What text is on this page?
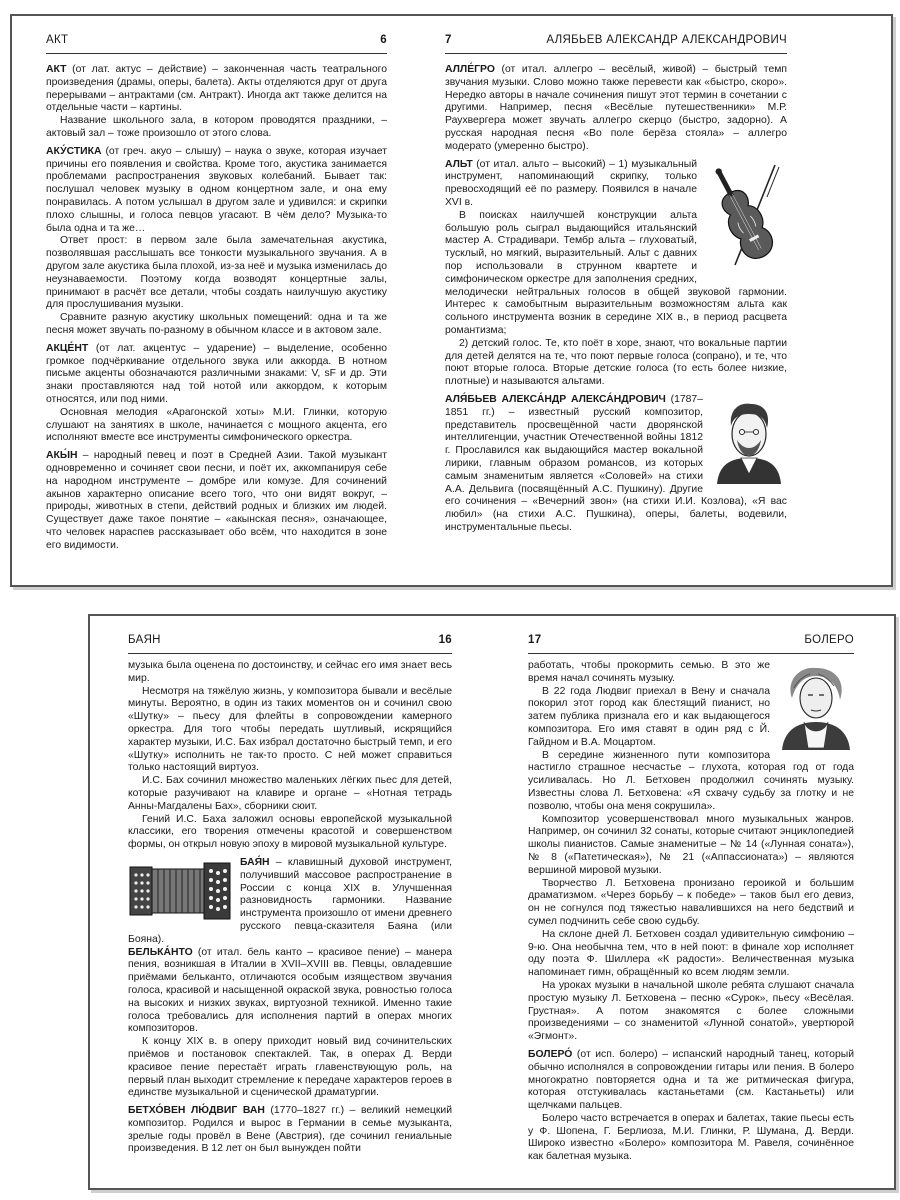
АКТ	6

АКТ (от лат. актус – действие) – законченная часть театрального произведения (драмы, оперы, балета). Акты отделяются друг от друга перерывами – антрактами (см. Антракт). Иногда акт также делится на отдельные части – картины.

Название школьного зала, в котором проводятся праздники, – актовый зал – тоже произошло от этого слова.

АКУ́СТИКА (от греч. акуо – слышу) – наука о звуке, которая изучает причины его появления и свойства. Кроме того, акустика занимается проблемами распространения звуковых колебаний. Бывает так: послушал человек музыку в одном концертном зале, и она ему понравилась. А потом услышал в другом зале и удивился: и скрипки плохо слышны, и голоса певцов угасают. В чём дело? Музыка-то была одна и та же…

Ответ прост: в первом зале была замечательная акустика, позволявшая расслышать все тонкости музыкального звучания. А в другом зале акустика была плохой, из-за неё и музыка изменилась до неузнаваемости. Поэтому когда возводят концертные залы, принимают в расчёт все детали, чтобы создать наилучшую акустику для прослушивания музыки.

Сравните разную акустику школьных помещений: одна и та же песня может звучать по-разному в обычном классе и в актовом зале.

АКЦЕ́НТ (от лат. акцентус – ударение) – выделение, особенно громкое подчёркивание отдельного звука или аккорда. В нотном письме акценты обозначаются различными знаками: V, sF и др. Эти знаки проставляются над той нотой или аккордом, к которым относятся, или под ними.

Основная мелодия «Арагонской хоты» М.И. Глинки, которую слушают на занятиях в школе, начинается с мощного акцента, его исполняют вместе все инструменты симфонического оркестра.

АКЫ́Н – народный певец и поэт в Средней Азии. Такой музыкант одновременно и сочиняет свои песни, и поёт их, аккомпанируя себе на народном инструменте – домбре или комузе. Для сочинений акынов характерно описание всего того, что они видят вокруг, – природы, животных в степи, действий родных и близких им людей. Существует даже такое понятие – «акынская песня», означающее, что человек нараспев рассказывает обо всём, что находится в зоне его видимости.

7	АЛЯБЬЕВ АЛЕКСАНДР АЛЕКСАНДРОВИЧ

АЛЛЕ́ГРО (от итал. аллегро – весёлый, живой) – быстрый темп звучания музыки. Слово можно также перевести как «быстро, скоро». Нередко авторы в начале сочинения пишут этот термин в сочетании с другими. Например, песня «Весёлые путешественники» М.Р. Раухвергера может звучать аллегро скерцо (быстро, задорно). А русская народная песня «Во поле берёза стояла» – аллегро модерато (умеренно быстро).

АЛЬТ (от итал. альто – высокий) – 1) музыкальный инструмент, напоминающий скрипку, только превосходящий её по размеру. Появился в начале XVI в.

В поисках наилучшей конструкции альта большую роль сыграл выдающийся итальянский мастер А. Страдивари. Тембр альта – глуховатый, тусклый, но мягкий, выразительный. Альт с давних пор использовали в струнном квартете и симфоническом оркестре для заполнения средних, мелодически нейтральных голосов в общей звуковой гармонии. Интерес к самобытным выразительным возможностям альта как сольного инструмента возник в середине XIX в., в период расцвета романтизма;

2) детский голос. Те, кто поёт в хоре, знают, что вокальные партии для детей делятся на те, что поют первые голоса (сопрано), и те, что поют вторые голоса. Вторые детские голоса (то есть более низкие, плотные) и называются альтами.

АЛЯ́БЬЕВ АЛЕКСА́НДР АЛЕКСА́НДРОВИЧ (1787–1851 гг.) – известный русский композитор, представитель просвещённой части дворянской интеллигенции, участник Отечественной войны 1812 г. Прославился как выдающийся мастер вокальной лирики, главным образом романсов, из которых самым знаменитым является «Соловей» на стихи А.А. Дельвига (посвящённый А.С. Пушкину). Другие его сочинения – «Вечерний звон» (на стихи И.И. Козлова), «Я вас любил» (на стихи А.С. Пушкина), оперы, балеты, водевили, инструментальные пьесы.

БАЯН	16

музыка была оценена по достоинству, и сейчас его имя знает весь мир.

Несмотря на тяжёлую жизнь, у композитора бывали и весёлые минуты. Вероятно, в один из таких моментов он и сочинил свою «Шутку» – пьесу для флейты в сопровождении камерного оркестра. Для того чтобы передать шутливый, искрящийся характер музыки, И.С. Бах избрал достаточно быстрый темп, и его «Шутку» исполнить не так-то просто. С ней может справиться только настоящий виртуоз.

И.С. Бах сочинил множество маленьких лёгких пьес для детей, которые разучивают на клавире и органе – «Нотная тетрадь Анны-Магдалены Бах», сборники сюит.

Гений И.С. Баха заложил основы европейской музыкальной классики, его творения отмечены красотой и совершенством формы, он открыл новую эпоху в мировой музыкальной культуре.

БАЯ́Н – клавишный духовой инструмент, получивший массовое распространение в России с конца XIX в. Улучшенная разновидность гармоники. Название инструмента произошло от имени древнего русского певца-сказителя Баяна (или Бояна).

БЕЛЬКА́НТО (от итал. бель канто – красивое пение) – манера пения, возникшая в Италии в XVII–XVIII вв. Певцы, овладевшие приёмами бельканто, отличаются особым изяществом звучания голоса, красивой и насыщенной окраской звука, ровностью голоса на высоких и низких звуках, виртуозной техникой. Именно такие голоса требовались для исполнения партий в операх многих композиторов.

К концу XIX в. в оперу приходит новый вид сочинительских приёмов и постановок спектаклей. Так, в операх Д. Верди красивое пение перестаёт играть главенствующую роль, на первый план выходит стремление к передаче характеров героев в единстве музыкальной и сценической драматургии.

БЕТХО́ВЕН ЛЮ́ДВИГ ВАН (1770–1827 гг.) – великий немецкий композитор. Родился и вырос в Германии в семье музыканта, зрелые годы провёл в Вене (Австрия), где сочинил гениальные произведения. В 12 лет он был вынужден пойти

17	БОЛЕРО

работать, чтобы прокормить семью. В это же время начал сочинять музыку.

В 22 года Людвиг приехал в Вену и сначала покорил этот город как блестящий пианист, но затем публика признала его и как выдающегося композитора. Его имя ставят в один ряд с Й. Гайдном и В.А. Моцартом.

В середине жизненного пути композитора настигло страшное несчастье – глухота, которая год от года усиливалась. Но Л. Бетховен продолжил сочинять музыку. Известны слова Л. Бетховена: «Я схвачу судьбу за глотку и не позволю, чтобы она меня сокрушила».

Композитор усовершенствовал много музыкальных жанров. Например, он сочинил 32 сонаты, которые считают энциклопедией школы пианистов. Самые знаменитые – № 14 («Лунная соната»), № 8 («Патетическая»), № 21 («Аппассионата») – являются вершиной мировой музыки.

Творчество Л. Бетховена пронизано героикой и большим драматизмом. «Через борьбу – к победе» – таков был его девиз, он не согнулся под тяжестью навалившихся на него бедствий и сумел подчинить себе свою судьбу.

На склоне дней Л. Бетховен создал удивительную симфонию – 9-ю. Она необычна тем, что в ней поют: в финале хор исполняет оду поэта Ф. Шиллера «К радости». Величественная музыка напоминает гимн, обращённый ко всем людям земли.

На уроках музыки в начальной школе ребята слушают сначала простую музыку Л. Бетховена – песню «Сурок», пьесу «Весёлая. Грустная». А потом знакомятся с более сложными произведениями – со знаменитой «Лунной сонатой», увертюрой «Эгмонт».

БОЛЕРО́ (от исп. болеро) – испанский народный танец, который обычно исполнялся в сопровождении гитары или пения. В болеро многократно повторяется одна и та же ритмическая фигура, которая отстукивалась кастаньетами (см. Кастаньеты) или щелчками пальцев.

Болеро часто встречается в операх и балетах, такие пьесы есть у Ф. Шопена, Г. Берлиоза, М.И. Глинки, Р. Шумана, Д. Верди. Широко известно «Болеро» композитора М. Равеля, сочинённое как балетная музыка.
